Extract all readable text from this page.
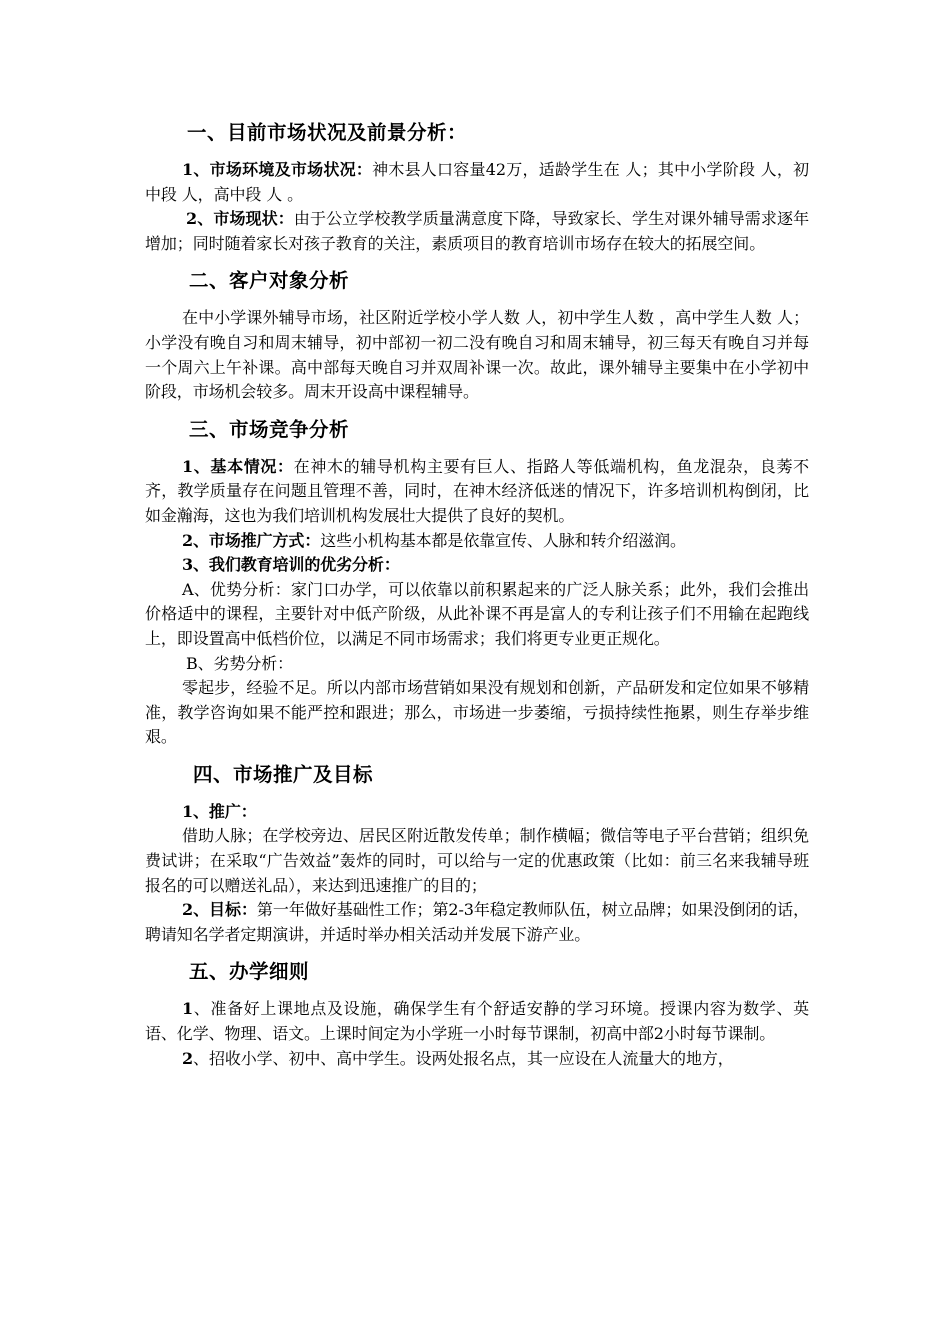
一、目前市场状况及前景分析：

1、市场环境及市场状况：神木县人口容量42万，适龄学生在 人；其中小学阶段 人，初中段 人，高中段 人 。

2、市场现状：由于公立学校教学质量满意度下降，导致家长、学生对课外辅导需求逐年增加；同时随着家长对孩子教育的关注，素质项目的教育培训市场存在较大的拓展空间。

二、客户对象分析

在中小学课外辅导市场，社区附近学校小学人数 人，初中学生人数 ，高中学生人数 人；小学没有晚自习和周末辅导，初中部初一初二没有晚自习和周末辅导，初三每天有晚自习并每一个周六上午补课。高中部每天晚自习并双周补课一次。故此，课外辅导主要集中在小学初中阶段，市场机会较多。周末开设高中课程辅导。

三、市场竞争分析

1、基本情况：在神木的辅导机构主要有巨人、指路人等低端机构，鱼龙混杂，良莠不齐，教学质量存在问题且管理不善，同时，在神木经济低迷的情况下，许多培训机构倒闭，比如金瀚海，这也为我们培训机构发展壮大提供了良好的契机。

2、市场推广方式：这些小机构基本都是依靠宣传、人脉和转介绍滋润。

3、我们教育培训的优劣分析：

A、优势分析：家门口办学，可以依靠以前积累起来的广泛人脉关系；此外，我们会推出价格适中的课程，主要针对中低产阶级，从此补课不再是富人的专利让孩子们不用输在起跑线上，即设置高中低档价位，以满足不同市场需求；我们将更专业更正规化。

B、劣势分析：

零起步，经验不足。所以内部市场营销如果没有规划和创新，产品研发和定位如果不够精准，教学咨询如果不能严控和跟进；那么，市场进一步萎缩，亏损持续性拖累，则生存举步维艰。

四、市场推广及目标

1、推广：

借助人脉；在学校旁边、居民区附近散发传单；制作横幅；微信等电子平台营销；组织免费试讲；在采取“广告效益”轰炸的同时，可以给与一定的优惠政策（比如：前三名来我辅导班报名的可以赠送礼品），来达到迅速推广的目的；

2、目标：第一年做好基础性工作；第2-3年稳定教师队伍，树立品牌；如果没倒闭的话，聘请知名学者定期演讲，并适时举办相关活动并发展下游产业。

五、办学细则

1、准备好上课地点及设施，确保学生有个舒适安静的学习环境。授课内容为数学、英语、化学、物理、语文。上课时间定为小学班一小时每节课制，初高中部2小时每节课制。

2、招收小学、初中、高中学生。设两处报名点，其一应设在人流量大的地方，
